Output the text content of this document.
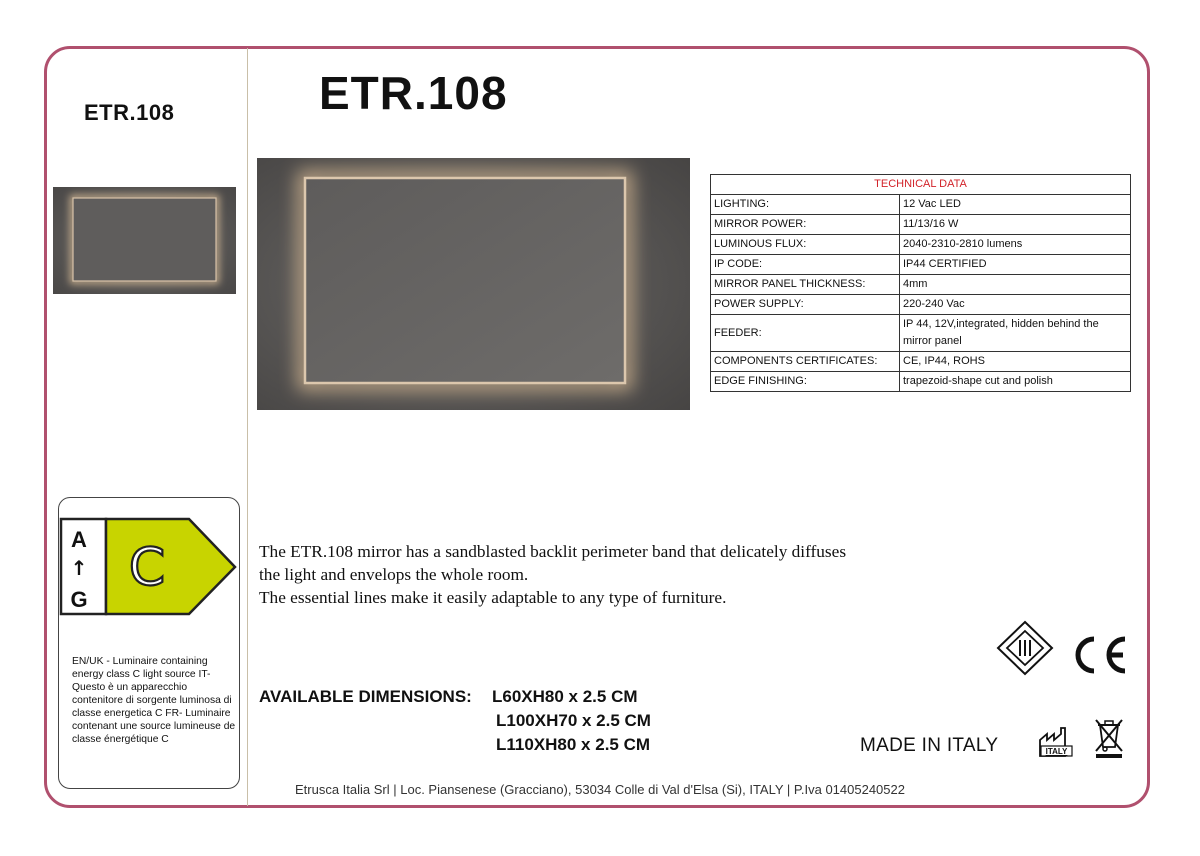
ETR.108
A
↑
G
C
EN/UK - Luminaire containing energy class C light source IT-Questo è un apparecchio contenitore di sorgente luminosa di classe energetica C FR- Luminaire contenant une source lumineuse de classe énergétique C
ETR.108
TECHNICAL DATA	
LIGHTING:	12 Vac LED
MIRROR POWER:	11/13/16 W
LUMINOUS FLUX:	2040-2310-2810 lumens
IP CODE:	IP44 CERTIFIED
MIRROR PANEL THICKNESS:	4mm
POWER SUPPLY:	220-240 Vac
FEEDER:	IP 44, 12V,integrated, hidden behind the mirror panel
COMPONENTS CERTIFICATES:	CE, IP44, ROHS
EDGE FINISHING:	trapezoid-shape cut and polish

The ETR.108 mirror has a sandblasted backlit perimeter band that delicately diffuses

the light and envelops the whole room.

The essential lines make it easily adaptable to any type of furniture.

AVAILABLE DIMENSIONS: L60XH80 x 2.5 CM
L100XH70 x 2.5 CM
L110XH80 x 2.5 CM	MADE IN ITALY	ITALY
Etrusca Italia Srl | Loc. Piansenese (Gracciano), 53034 Colle di Val d'Elsa (Si), ITALY | P.Iva 01405240522
